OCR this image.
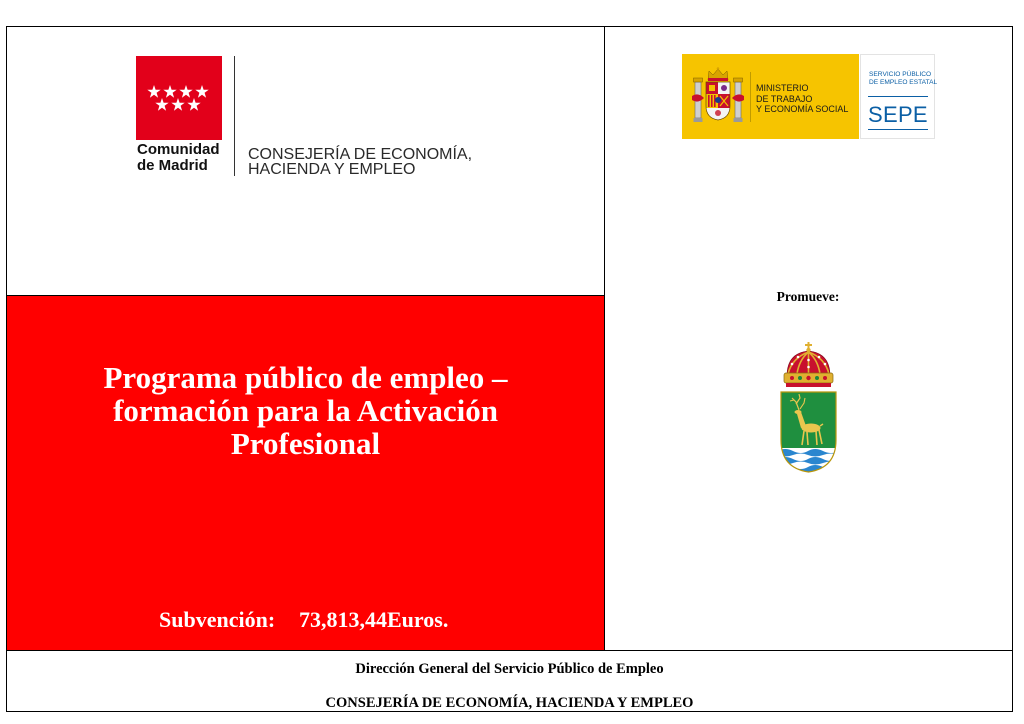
Comunidad
de Madrid
CONSEJERÍA DE ECONOMÍA,
HACIENDA Y EMPLEO
MINISTERIO
DE TRABAJO
Y ECONOMÍA SOCIAL
SERVICIO PÚBLICO
DE EMPLEO ESTATAL
SEPE
Promueve:
Programa público de empleo –
formación para la Activación
Profesional
Subvención: 73,813,44Euros.
Dirección General del Servicio Público de Empleo
CONSEJERÍA DE ECONOMÍA, HACIENDA Y EMPLEO
